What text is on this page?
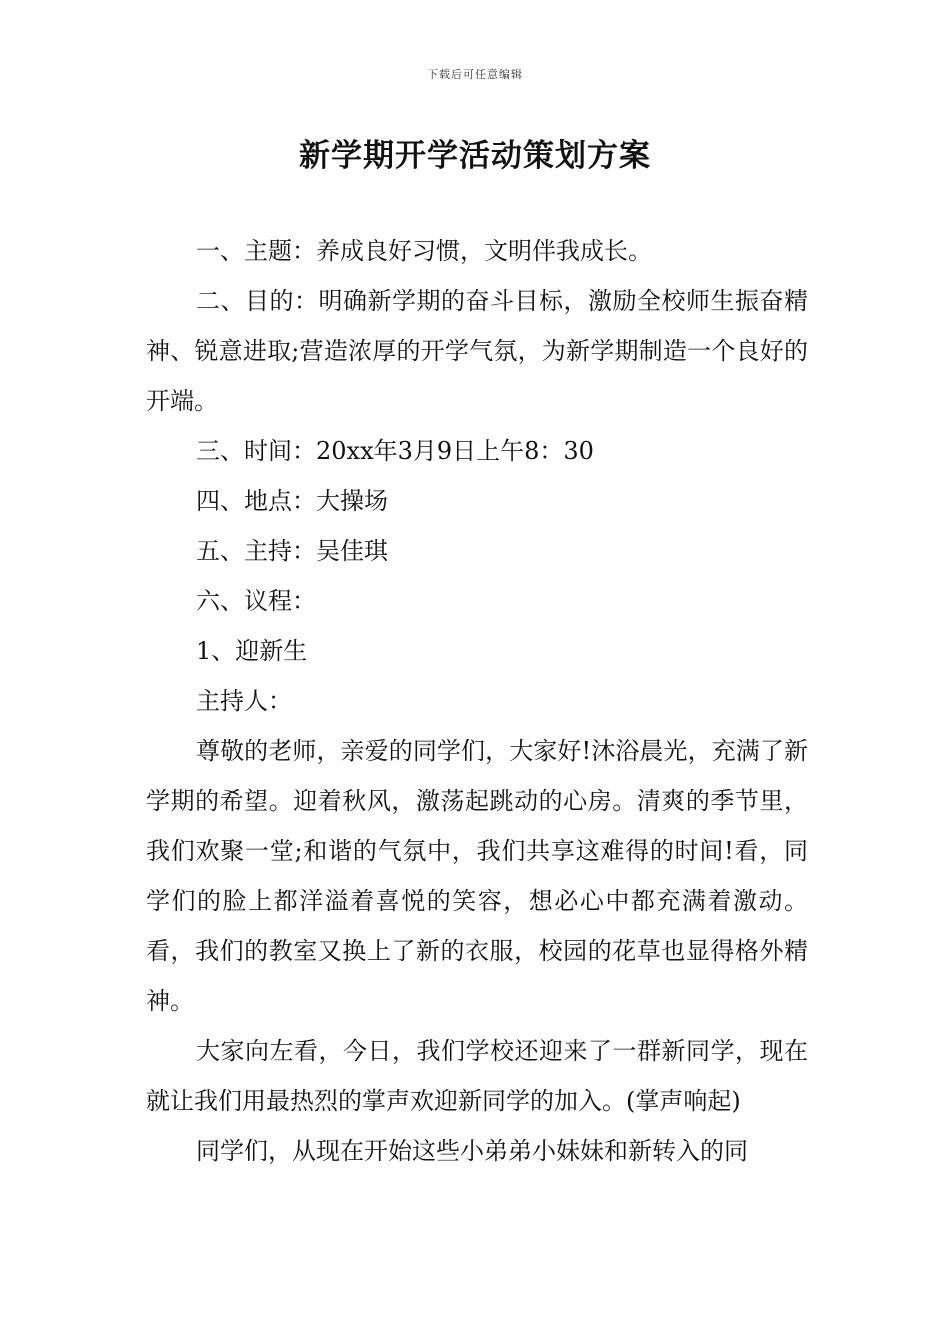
下载后可任意编辑
新学期开学活动策划方案

一、主题：养成良好习惯，文明伴我成长。

二、目的：明确新学期的奋斗目标，激励全校师生振奋精神、锐意进取;营造浓厚的开学气氛，为新学期制造一个良好的开端。

三、时间：20xx年3月9日上午8：30

四、地点：大操场

五、主持：吴佳琪

六、议程：

1、迎新生

主持人：

尊敬的老师，亲爱的同学们，大家好!沐浴晨光，充满了新学期的希望。迎着秋风，激荡起跳动的心房。清爽的季节里，我们欢聚一堂;和谐的气氛中，我们共享这难得的时间!看，同学们的脸上都洋溢着喜悦的笑容，想必心中都充满着激动。看，我们的教室又换上了新的衣服，校园的花草也显得格外精神。

大家向左看，今日，我们学校还迎来了一群新同学，现在就让我们用最热烈的掌声欢迎新同学的加入。(掌声响起)

同学们，从现在开始这些小弟弟小妹妹和新转入的同
